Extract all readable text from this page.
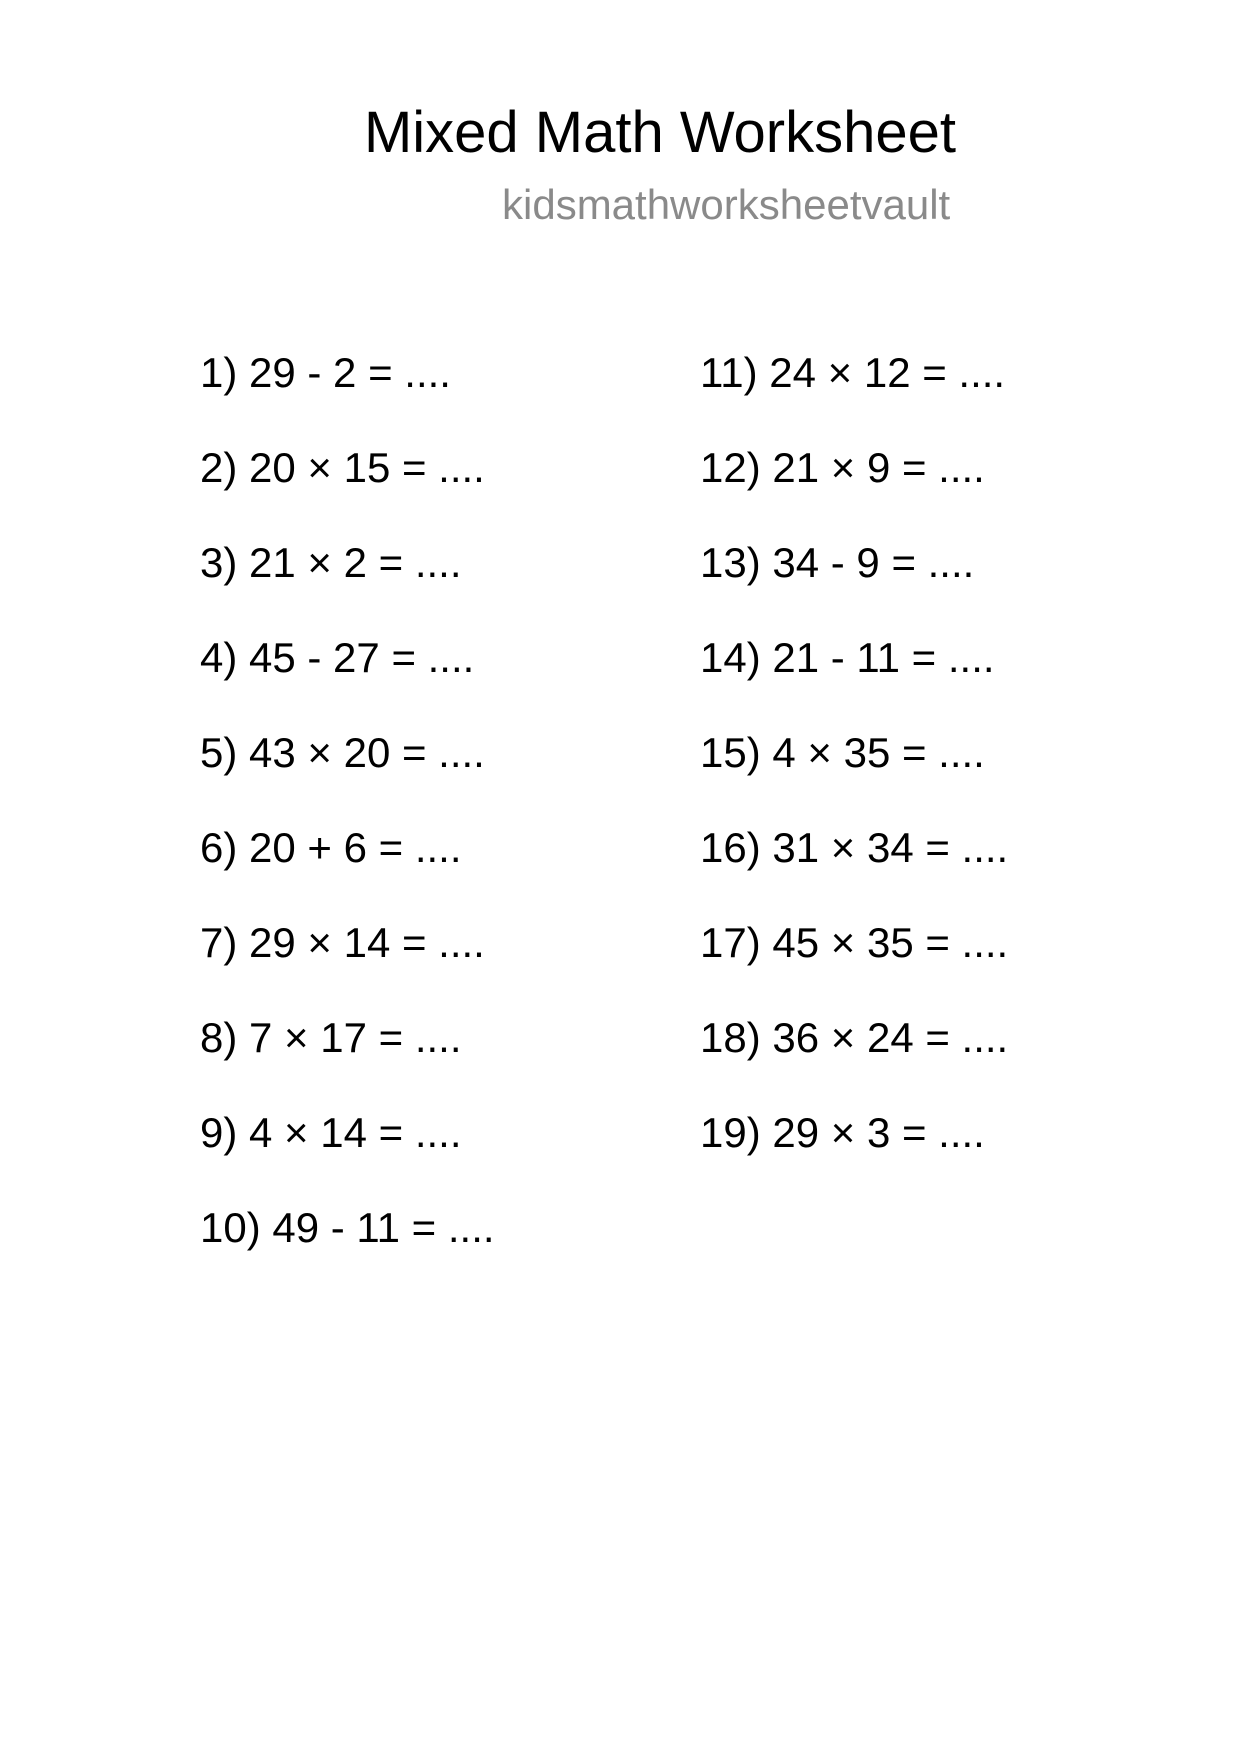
Mixed Math Worksheet
kidsmathworksheetvault
1) 29 - 2 = ....
2) 20 × 15 = ....
3) 21 × 2 = ....
4) 45 - 27 = ....
5) 43 × 20 = ....
6) 20 + 6 = ....
7) 29 × 14 = ....
8) 7 × 17 = ....
9) 4 × 14 = ....
10) 49 - 11 = ....
11) 24 × 12 = ....
12) 21 × 9 = ....
13) 34 - 9 = ....
14) 21 - 11 = ....
15) 4 × 35 = ....
16) 31 × 34 = ....
17) 45 × 35 = ....
18) 36 × 24 = ....
19) 29 × 3 = ....
